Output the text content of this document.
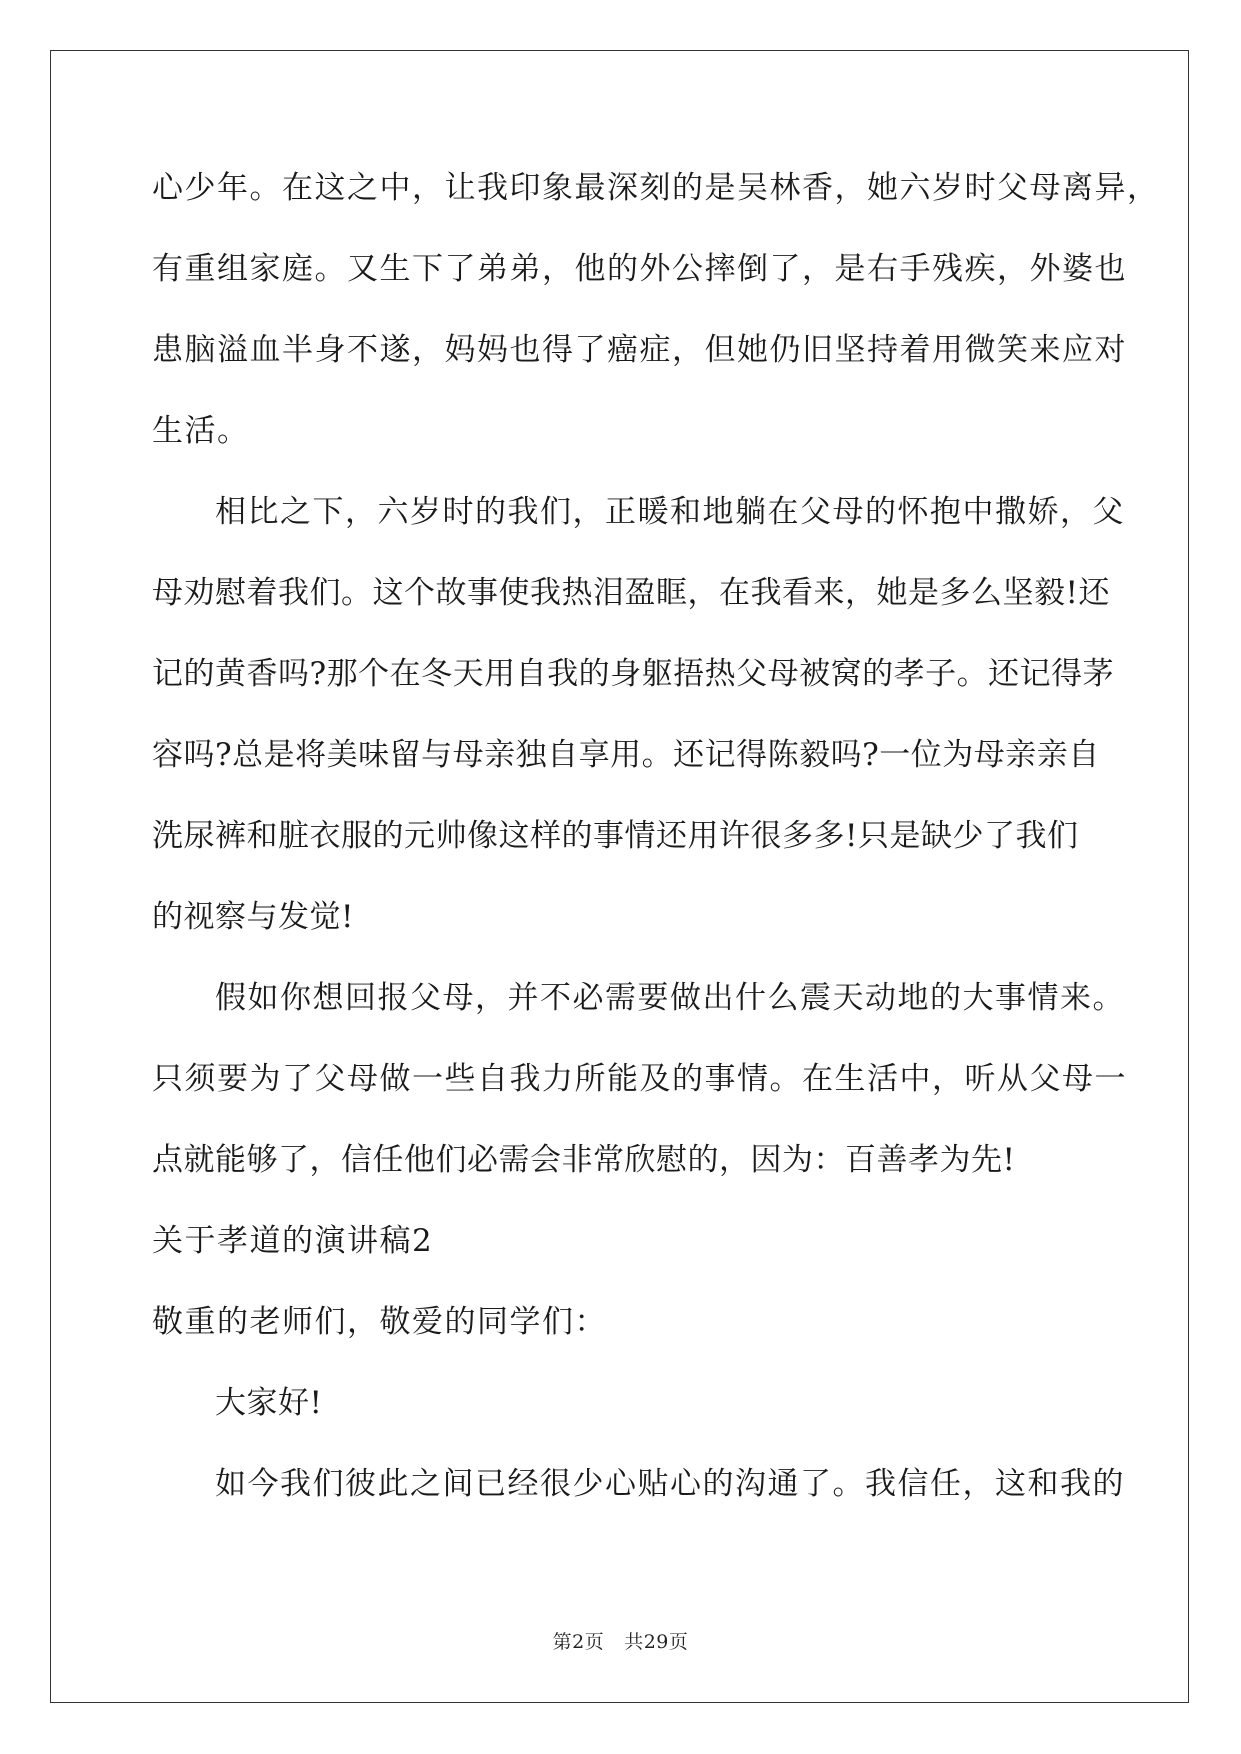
心少年。在这之中，让我印象最深刻的是吴林香，她六岁时父母离异，
有重组家庭。又生下了弟弟，他的外公摔倒了，是右手残疾，外婆也
患脑溢血半身不遂，妈妈也得了癌症，但她仍旧坚持着用微笑来应对
生活。
相比之下，六岁时的我们，正暖和地躺在父母的怀抱中撒娇，父
母劝慰着我们。这个故事使我热泪盈眶，在我看来，她是多么坚毅!还
记的黄香吗?那个在冬天用自我的身躯捂热父母被窝的孝子。还记得茅
容吗?总是将美味留与母亲独自享用。还记得陈毅吗?一位为母亲亲自
洗尿裤和脏衣服的元帅像这样的事情还用许很多多!只是缺少了我们
的视察与发觉!
假如你想回报父母，并不必需要做出什么震天动地的大事情来。
只须要为了父母做一些自我力所能及的事情。在生活中，听从父母一
点就能够了，信任他们必需会非常欣慰的，因为：百善孝为先!
关于孝道的演讲稿2
敬重的老师们，敬爱的同学们：
大家好!
如今我们彼此之间已经很少心贴心的沟通了。我信任，这和我的
第2页 共29页
